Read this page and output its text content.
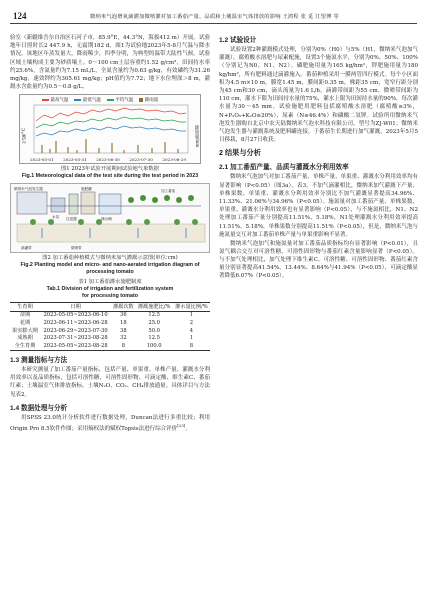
124	微纳米气泡增氧滴灌加微喷灌对加工番茄产量、品质和土壤温室气体排放的影响 王鸿程 张 觅 江望博 等

验室（新疆维吾尔自治区石河子市，85.9°E，44.3°N，海拔412 m）开展。试验地年日照时长2 447.9 h，无霜期182 d，图1为试验地2023年5-8月气温与降水情况。该地区年蒸发量大，降雨稀少，四季分明，为典型的温带大陆性气候。试验区域土壤构成主要为砂质壤土。0～100 cm土层容重约1.52 g/cm³，田间持水率约25.6%，含氮量约为7.15 mL/L，全氮含量约为0.63 g/kg，有效磷约为31.26 mg/kg，速效钾约为305.61 mg/kg；pH值约为7.72；地下水位埋深＞8 m，灌溉水含盐量约为0.5～0.8 g/L。

最高气温	最低气温	平均气温	降雨量
气温/°C	降雨量/mm
2023-05-01 2023-05-31 2023-06-30 2023-07-30 2023-08-29

图1 2023年试验开展期间试验地气象数据

Fig.1 Meteorological data of the test site during the test period in 2023

微纳米气泡发生器
水泵 过滤器
施肥罐
储水桶
滴灌带	微喷带
加工番茄

图2 加工番茄种植模式与微纳米加气灌溉示意图(单位:cm)

Fig.2 Planting model and micro- and nano-aerated irrigation diagram of processing tomato

表1 加工番茄灌水施肥制度

Tab.1 Division of irrigation and fertilization system

for processing tomato

生育期	日期	灌溉次数	灌溉施肥比/%	灌水量比例/%
苗期	2023-05-05~2023-06-10	36	12.5	1
花期	2023-06-11~2023-06-28	18	25.0	2
果实膨大期	2023-06-29~2023-07-30	38	50.0	4
成熟期	2023-07-31~2023-08-28	32	12.5	1
全生育期	2023-05-05~2023-08-28	8	100.0	8
1.3 测量指标与方法

本研究测量了加工番茄产量指标，包括产量、单果重、单株产量、灌溉水分利用效率以及品质指标，包括可溶性糖、可溶性固形物、可滴定酸、维生素C、番茄红素；土壤温室气体排放指标，土壤N₂O、CO₂、CH₄排放通量。具体详目与方法见表2。

1.4 数据处理与分析

用SPSS 23.0统计分析软件进行数据处理，Duncan法进行多重比较；利用Origin Pro 8.5软件作图；采用熵权法的赋权Topsis法进行综合评价[23]。

1.2 试验设计

试验设置2种灌溉模式处理，分别为0%（H0）与5%（H1，微纳米气泡加气灌溉），腐殖酸水溶肥与尿素配施，设置3个施氮水平，分别为0%、50%、100%（分别记为N0、N1、N2）。磷肥施用量为165 kg/hm²，钾肥施用量为180 kg/hm²，所有肥料通过滴灌施入。番茄种植采用一膜两管四行模式。每个小区面积为4.5 m×10 m，膜宽1.45 m，膜间距0.35 m，株距35 cm，宽窄行距分别为45 cm和30 cm，滴头流量为1.6 L/h，滴灌带间距为55 cm，微喷带间距为110 cm，灌水下限为田间持水量的75%，灌水上限为田间持水量的90%，每次灌水量为30～45 mm。试验施肥用肥料包括腐殖酸水溶肥（腐殖酸≥3%，N+P₂O₅+K₂O≥20%）、尿素（N≥46.4%）和磷酸二氢钾。试验所用微纳米气泡发生器购自北京中农天陆微纳米气泡水科技有限公司，型号为ZJ-W01；微纳米气泡发生器与灌溉系统及肥料罐连接，于番茄生长期进行加气灌溉。2023年5月5日移栽，8月27日收获。

2 结果与分析
2.1 加工番茄产量、品质与灌溉水分利用效率

微纳米气泡加气对加工番茄产量、单株产量、单果重、灌溉水分利用效率均有显著影响（P<0.05）（图3a）。表3，不加气滴灌相比，微纳米加气灌溉下产量、单株果数、单果重、灌溉水分利用效率分别比不加气灌溉显著提高34.96%、11.33%、21.06%与34.96%（P<0.05）。施氮量对加工番茄产量、单株果数、单果重、灌溉水分利用效率也有显著影响（P<0.05），与不施氮相比，N1、N2处理加工番茄产量分别提高11.51%、5.18%，N1处理灌溉水分利用效率提高11.51%、5.18%，单株果数分别提高11.51%（P<0.05），但是，微纳米气泡与施氮量交互对加工番茄单株产量与单果重影响不显著。

微纳米气泡加气和施氮量对加工番茄品质指标均有显著影响（P<0.01），且氮气耦合交互对可溶性糖、可溶性固形物与番茄红素含量影响显著（P<0.05）。与不加气处理相比，加气处理下维生素C、可溶性糖、可溶性固形物、番茄红素含量分别显著提高41.54%、13.44%、8.64%与41.94%（P<0.05），可滴定酸显著降低6.07%（P<0.05）。
